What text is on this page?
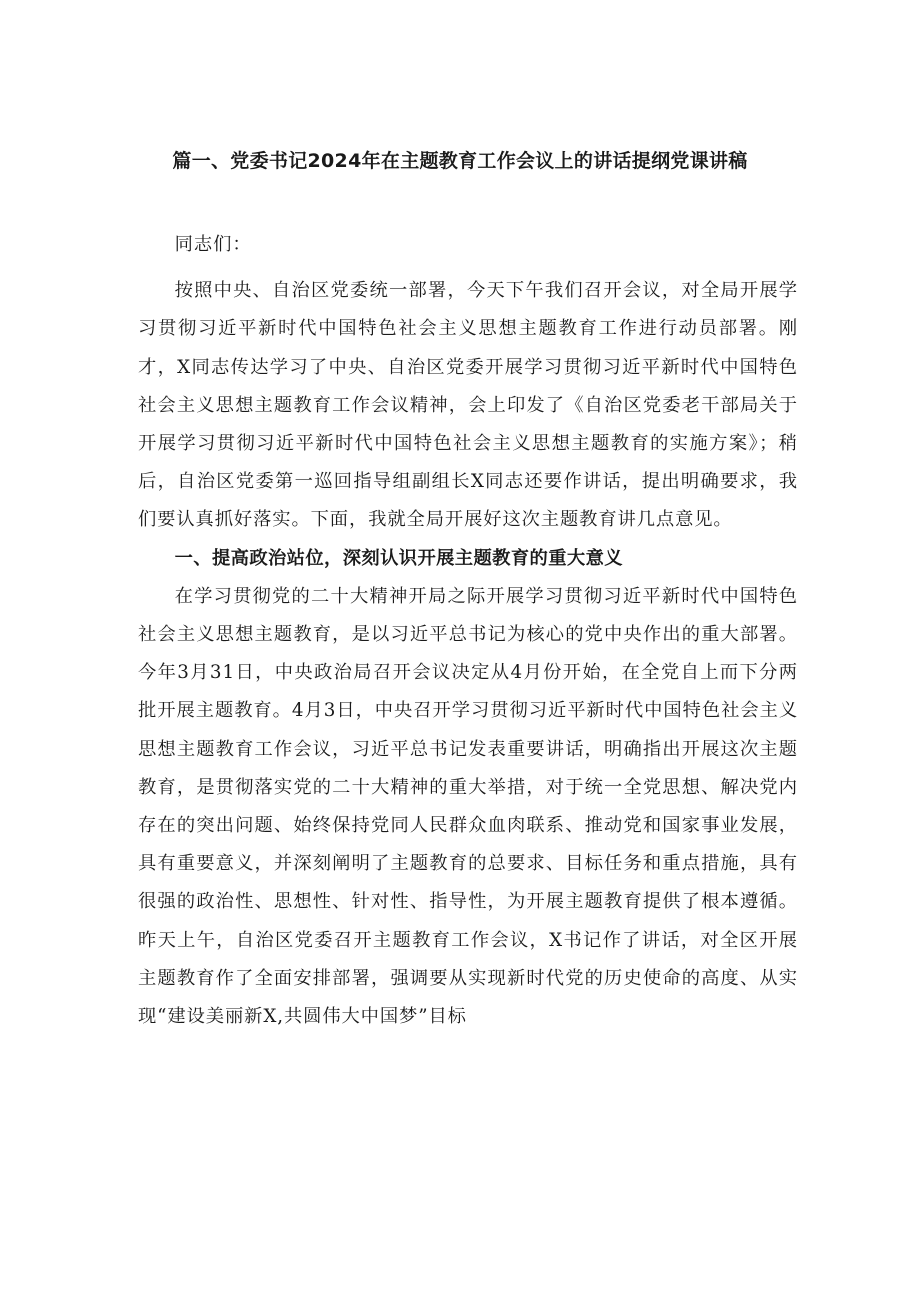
篇一、党委书记2024年在主题教育工作会议上的讲话提纲党课讲稿

同志们：

按照中央、自治区党委统一部署，今天下午我们召开会议，对全局开展学习贯彻习近平新时代中国特色社会主义思想主题教育工作进行动员部署。刚才，X同志传达学习了中央、自治区党委开展学习贯彻习近平新时代中国特色社会主义思想主题教育工作会议精神，会上印发了《自治区党委老干部局关于开展学习贯彻习近平新时代中国特色社会主义思想主题教育的实施方案》；稍后，自治区党委第一巡回指导组副组长X同志还要作讲话，提出明确要求，我们要认真抓好落实。下面，我就全局开展好这次主题教育讲几点意见。

一、提高政治站位，深刻认识开展主题教育的重大意义

在学习贯彻党的二十大精神开局之际开展学习贯彻习近平新时代中国特色社会主义思想主题教育，是以习近平总书记为核心的党中央作出的重大部署。今年3月31日，中央政治局召开会议决定从4月份开始，在全党自上而下分两批开展主题教育。4月3日，中央召开学习贯彻习近平新时代中国特色社会主义思想主题教育工作会议，习近平总书记发表重要讲话，明确指出开展这次主题教育，是贯彻落实党的二十大精神的重大举措，对于统一全党思想、解决党内存在的突出问题、始终保持党同人民群众血肉联系、推动党和国家事业发展，具有重要意义，并深刻阐明了主题教育的总要求、目标任务和重点措施，具有很强的政治性、思想性、针对性、指导性，为开展主题教育提供了根本遵循。昨天上午，自治区党委召开主题教育工作会议，X书记作了讲话，对全区开展主题教育作了全面安排部署，强调要从实现新时代党的历史使命的高度、从实现“建设美丽新X,共圆伟大中国梦”目标
